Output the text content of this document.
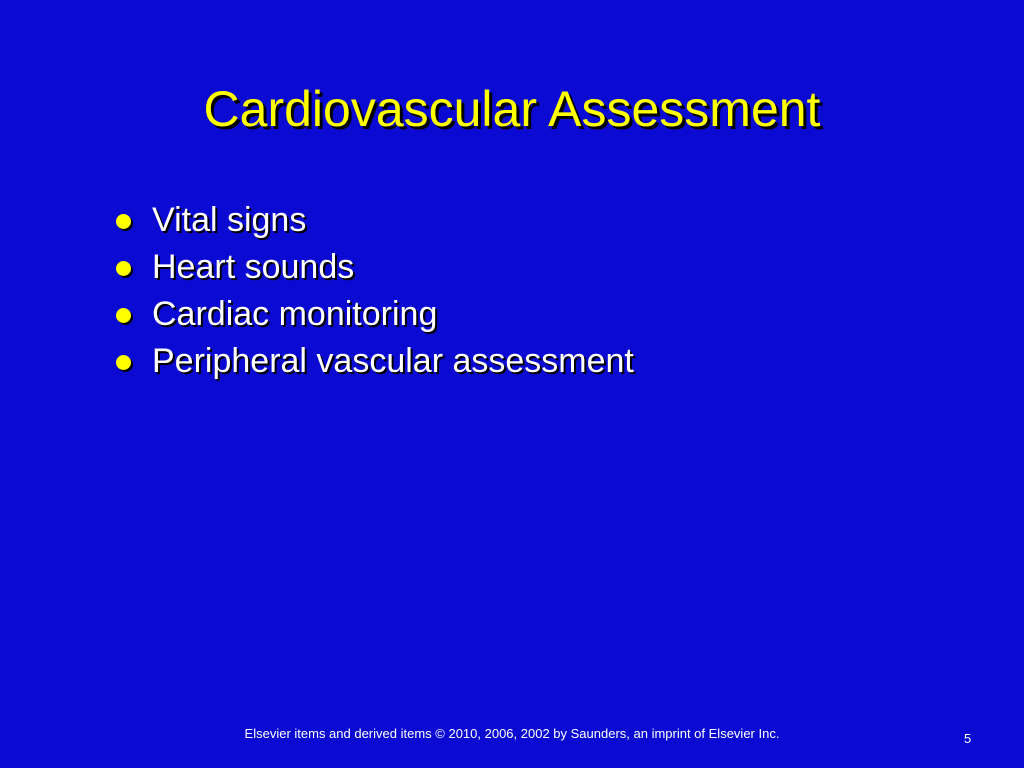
Cardiovascular Assessment
Vital signs
Heart sounds
Cardiac monitoring
Peripheral vascular assessment
Elsevier items and derived items © 2010, 2006, 2002 by Saunders, an imprint of Elsevier Inc.	5
